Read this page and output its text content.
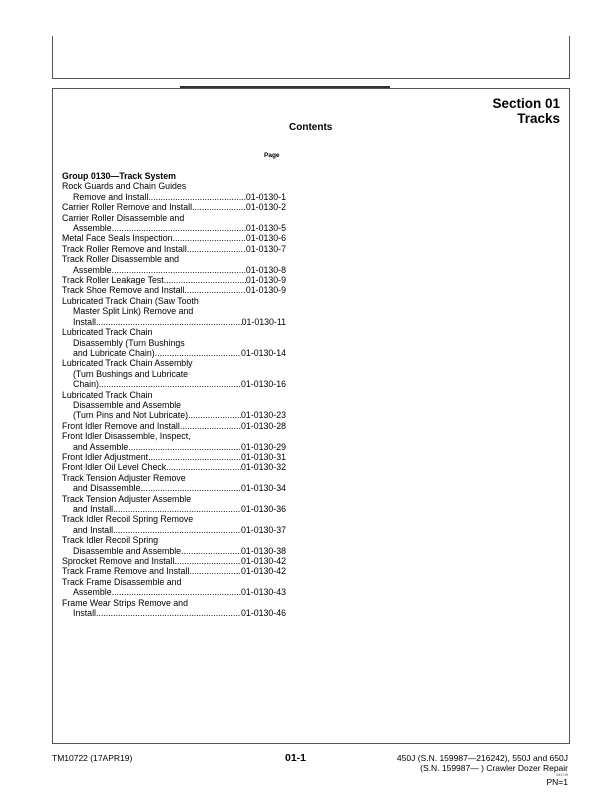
Section 01
Tracks
Contents
Page
Group 0130—Track System
Rock Guards and Chain Guides
Remove and Install .....	01-0130-1
Carrier Roller Remove and Install .....	01-0130-2
Carrier Roller Disassemble and
Assemble .....	01-0130-5
Metal Face Seals Inspection .....	01-0130-6
Track Roller Remove and Install .....	01-0130-7
Track Roller Disassemble and
Assemble .....	01-0130-8
Track Roller Leakage Test .....	01-0130-9
Track Shoe Remove and Install .....	01-0130-9
Lubricated Track Chain (Saw Tooth
Master Split Link) Remove and
Install .....	01-0130-11
Lubricated Track Chain
Disassembly (Turn Bushings
and Lubricate Chain) .....	01-0130-14
Lubricated Track Chain Assembly
(Turn Bushings and Lubricate
Chain) .....	01-0130-16
Lubricated Track Chain
Disassemble and Assemble
(Turn Pins and Not Lubricate) .....	01-0130-23
Front Idler Remove and Install .....	01-0130-28
Front Idler Disassemble, Inspect,
and Assemble .....	01-0130-29
Front Idler Adjustment .....	01-0130-31
Front Idler Oil Level Check .....	01-0130-32
Track Tension Adjuster Remove
and Disassemble .....	01-0130-34
Track Tension Adjuster Assemble
and Install .....	01-0130-36
Track Idler Recoil Spring Remove
and Install .....	01-0130-37
Track Idler Recoil Spring
Disassemble and Assemble .....	01-0130-38
Sprocket Remove and Install .....	01-0130-42
Track Frame Remove and Install .....	01-0130-42
Track Frame Disassemble and
Assemble .....	01-0130-43
Frame Wear Strips Remove and
Install .....	01-0130-46
TM10722 (17APR19)	01-1	450J (S.N. 159987—216242), 550J and 650J
(S.N. 159987— ) Crawler Dozer Repair
041719
PN=1
